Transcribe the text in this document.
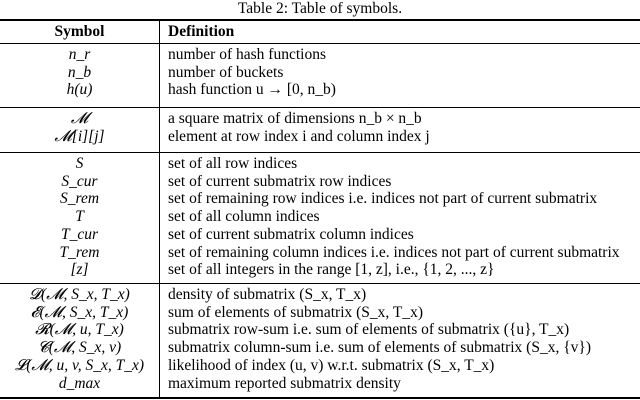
Table 2: Table of symbols.
Symbol	Definition
n_r	number of hash functions
n_b	number of buckets
h(u)	hash function u → [0, n_b)
𝓜	a square matrix of dimensions n_b × n_b
𝓜[i][j]	element at row index i and column index j
S	set of all row indices
S_cur	set of current submatrix row indices
S_rem	set of remaining row indices i.e. indices not part of current submatrix
T	set of all column indices
T_cur	set of current submatrix column indices
T_rem	set of remaining column indices i.e. indices not part of current submatrix
[z]	set of all integers in the range [1, z], i.e., {1, 2, ..., z}
𝓓(𝓜, S_x, T_x)	density of submatrix (S_x, T_x)
𝓔(𝓜, S_x, T_x)	sum of elements of submatrix (S_x, T_x)
𝓡(𝓜, u, T_x)	submatrix row-sum i.e. sum of elements of submatrix ({u}, T_x)
𝓒(𝓜, S_x, v)	submatrix column-sum i.e. sum of elements of submatrix (S_x, {v})
𝓛(𝓜, u, v, S_x, T_x)	likelihood of index (u, v) w.r.t. submatrix (S_x, T_x)
d_max	maximum reported submatrix density
